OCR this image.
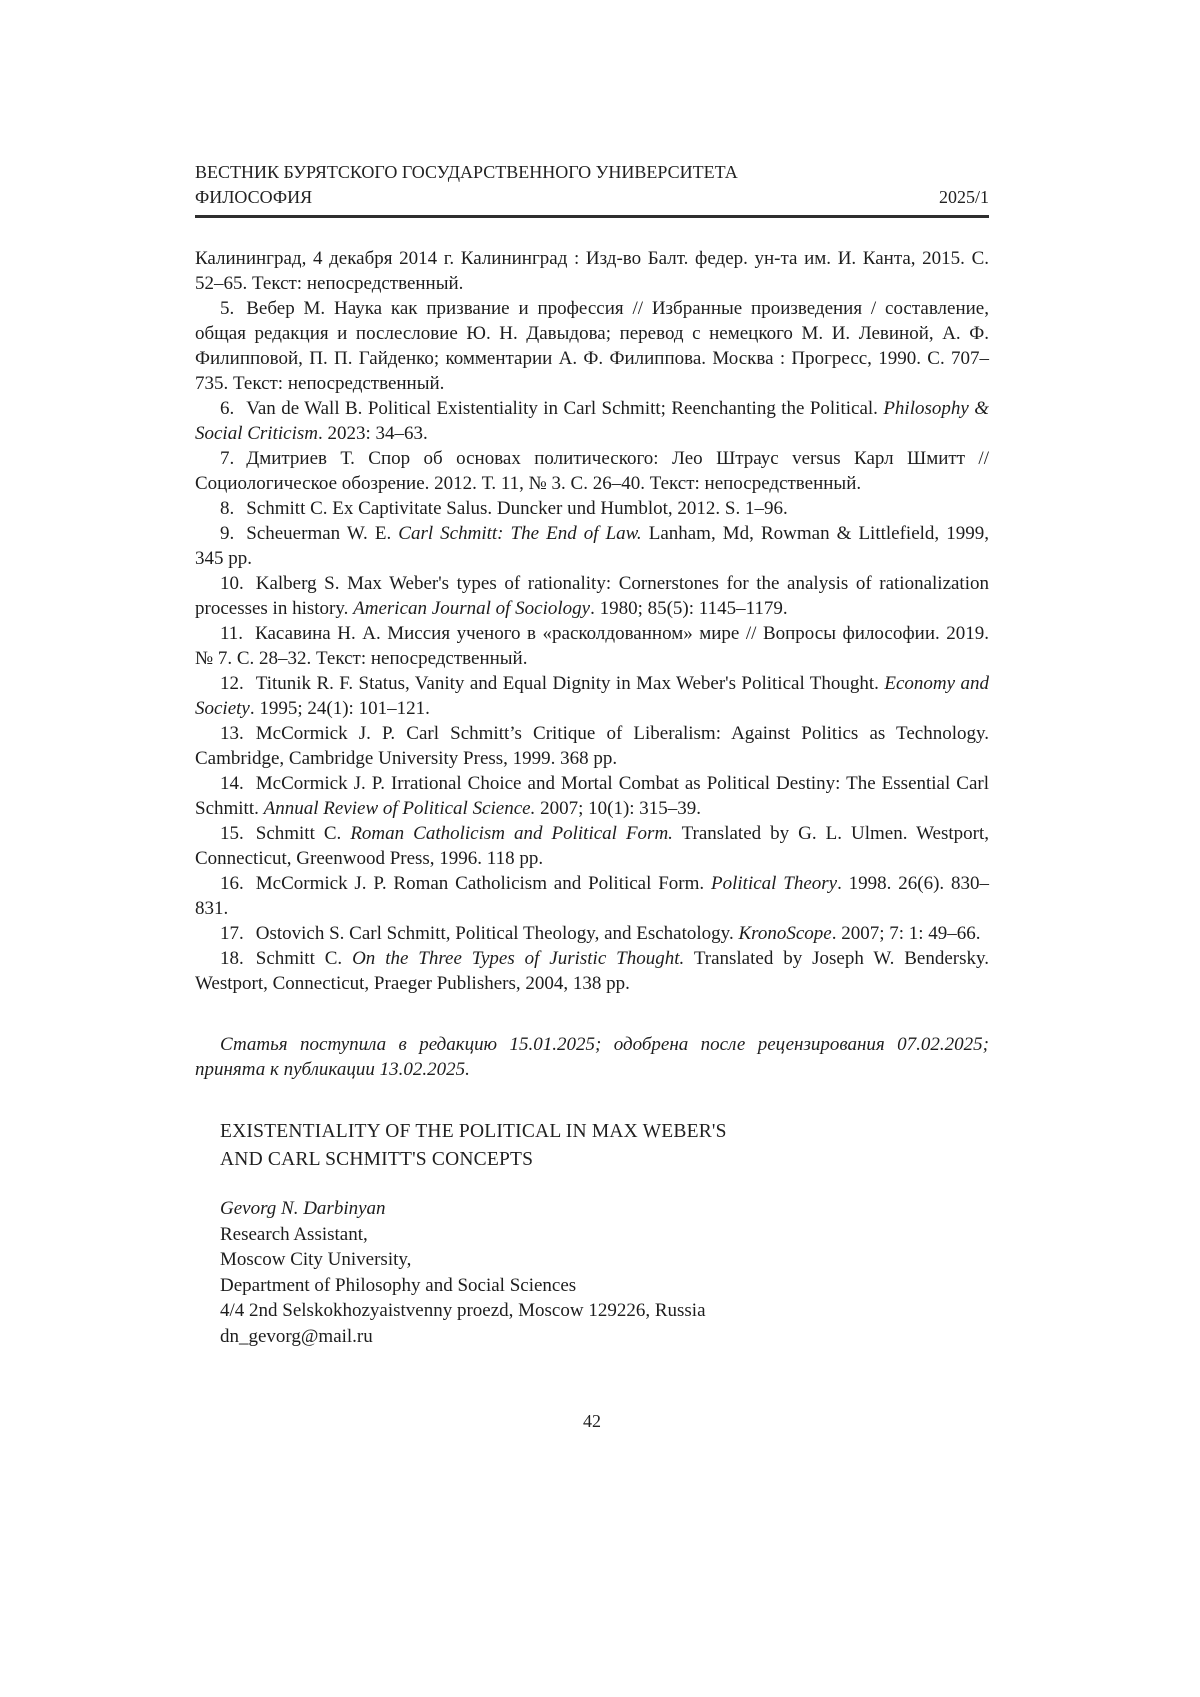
ВЕСТНИК БУРЯТСКОГО ГОСУДАРСТВЕННОГО УНИВЕРСИТЕТА
ФИЛОСОФИЯ	2025/1

Калининград, 4 декабря 2014 г. Калининград : Изд-во Балт. федер. ун-та им. И. Канта, 2015. С. 52–65. Текст: непосредственный.

5. Вебер М. Наука как призвание и профессия // Избранные произведения / составление, общая редакция и послесловие Ю. Н. Давыдова; перевод с немецкого М. И. Левиной, А. Ф. Филипповой, П. П. Гайденко; комментарии А. Ф. Филиппова. Москва : Прогресс, 1990. С. 707–735. Текст: непосредственный.

6. Van de Wall B. Political Existentiality in Carl Schmitt; Reenchanting the Political. Philosophy & Social Criticism. 2023: 34–63.

7. Дмитриев Т. Спор об основах политического: Лео Штраус versus Карл Шмитт // Социологическое обозрение. 2012. Т. 11, № 3. С. 26–40. Текст: непосредственный.

8. Schmitt C. Ex Captivitate Salus. Duncker und Humblot, 2012. S. 1–96.

9. Scheuerman W. E. Carl Schmitt: The End of Law. Lanham, Md, Rowman & Littlefield, 1999, 345 pp.

10. Kalberg S. Max Weber's types of rationality: Cornerstones for the analysis of rationalization processes in history. American Journal of Sociology. 1980; 85(5): 1145–1179.

11. Касавина Н. А. Миссия ученого в «расколдованном» мире // Вопросы философии. 2019. № 7. С. 28–32. Текст: непосредственный.

12. Titunik R. F. Status, Vanity and Equal Dignity in Max Weber's Political Thought. Economy and Society. 1995; 24(1): 101–121.

13. McCormick J. P. Carl Schmitt’s Critique of Liberalism: Against Politics as Technology. Cambridge, Cambridge University Press, 1999. 368 pp.

14. McCormick J. P. Irrational Choice and Mortal Combat as Political Destiny: The Essential Carl Schmitt. Annual Review of Political Science. 2007; 10(1): 315–39.

15. Schmitt C. Roman Catholicism and Political Form. Translated by G. L. Ulmen. Westport, Connecticut, Greenwood Press, 1996. 118 pp.

16. McCormick J. P. Roman Catholicism and Political Form. Political Theory. 1998. 26(6). 830–831.

17. Ostovich S. Carl Schmitt, Political Theology, and Eschatology. KronoScope. 2007; 7: 1: 49–66.

18. Schmitt C. On the Three Types of Juristic Thought. Translated by Joseph W. Bendersky. Westport, Connecticut, Praeger Publishers, 2004, 138 pp.

Статья поступила в редакцию 15.01.2025; одобрена после рецензирования 07.02.2025; принята к публикации 13.02.2025.

EXISTENTIALITY OF THE POLITICAL IN MAX WEBER'S
AND CARL SCHMITT'S CONCEPTS
Gevorg N. Darbinyan
Research Assistant,
Moscow City University,
Department of Philosophy and Social Sciences
4/4 2nd Selskokhozyaistvenny proezd, Moscow 129226, Russia
dn_gevorg@mail.ru
42
